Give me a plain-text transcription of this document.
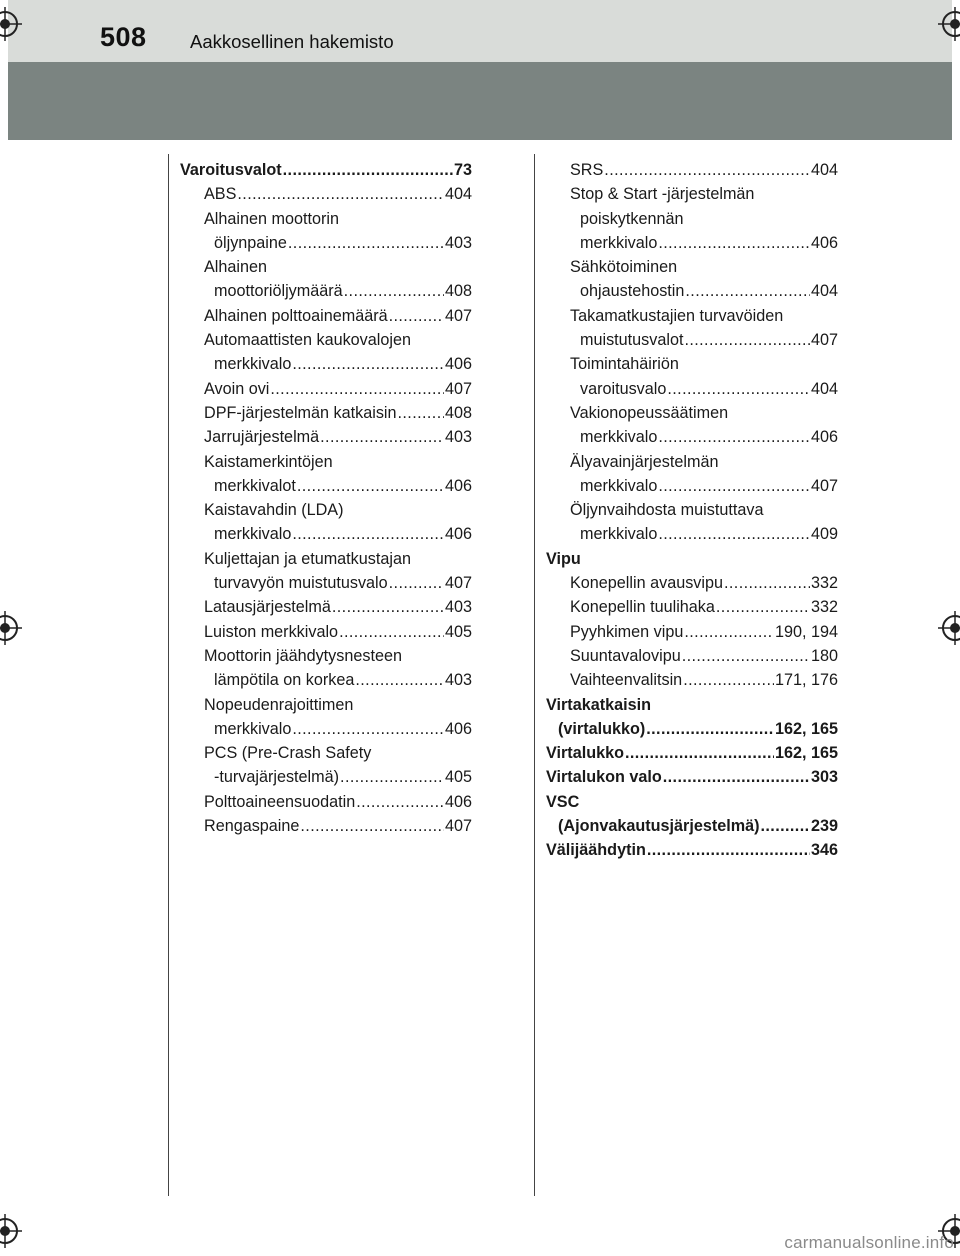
508 Aakkosellinen hakemisto
Varoitusvalot .....	73
ABS .....	404
Alhainen moottorin
öljynpaine .....	403
Alhainen
moottoriöljymäärä .....	408
Alhainen polttoainemäärä .....	407
Automaattisten kaukovalojen
merkkivalo .....	406
Avoin ovi .....	407
DPF-järjestelmän katkaisin .....	408
Jarrujärjestelmä .....	403
Kaistamerkintöjen
merkkivalot .....	406
Kaistavahdin (LDA)
merkkivalo .....	406
Kuljettajan ja etumatkustajan
turvavyön muistutusvalo .....	407
Latausjärjestelmä .....	403
Luiston merkkivalo .....	405
Moottorin jäähdytysnesteen
lämpötila on korkea .....	403
Nopeudenrajoittimen
merkkivalo .....	406
PCS (Pre-Crash Safety
-turvajärjestelmä) .....	405
Polttoaineensuodatin .....	406
Rengaspaine .....	407
SRS .....	404
Stop & Start -järjestelmän
poiskytkennän
merkkivalo .....	406
Sähkötoiminen
ohjaustehostin .....	404
Takamatkustajien turvavöiden
muistutusvalot .....	407
Toimintahäiriön
varoitusvalo .....	404
Vakionopeussäätimen
merkkivalo .....	406
Älyavainjärjestelmän
merkkivalo .....	407
Öljynvaihdosta muistuttava
merkkivalo .....	409
Vipu
Konepellin avausvipu .....	332
Konepellin tuulihaka .....	332
Pyyhkimen vipu .....	190, 194
Suuntavalovipu .....	180
Vaihteenvalitsin .....	171, 176
Virtakatkaisin
(virtalukko) .....	162, 165
Virtalukko .....	162, 165
Virtalukon valo .....	303
VSC
(Ajonvakautusjärjestelmä) .....	239
Välijäähdytin .....	346
carmanualsonline.info
